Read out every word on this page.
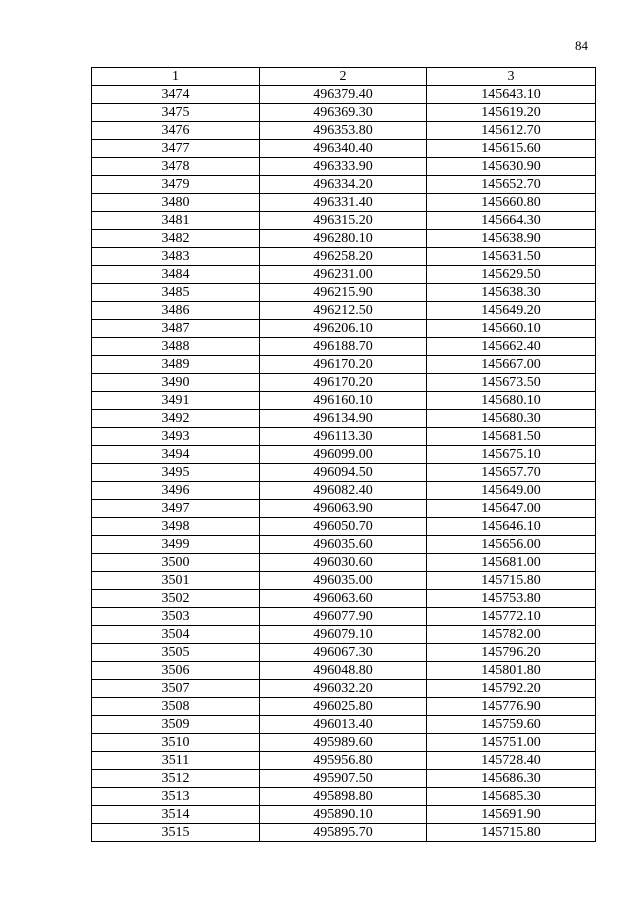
84
1	2	3
3474	496379.40	145643.10
3475	496369.30	145619.20
3476	496353.80	145612.70
3477	496340.40	145615.60
3478	496333.90	145630.90
3479	496334.20	145652.70
3480	496331.40	145660.80
3481	496315.20	145664.30
3482	496280.10	145638.90
3483	496258.20	145631.50
3484	496231.00	145629.50
3485	496215.90	145638.30
3486	496212.50	145649.20
3487	496206.10	145660.10
3488	496188.70	145662.40
3489	496170.20	145667.00
3490	496170.20	145673.50
3491	496160.10	145680.10
3492	496134.90	145680.30
3493	496113.30	145681.50
3494	496099.00	145675.10
3495	496094.50	145657.70
3496	496082.40	145649.00
3497	496063.90	145647.00
3498	496050.70	145646.10
3499	496035.60	145656.00
3500	496030.60	145681.00
3501	496035.00	145715.80
3502	496063.60	145753.80
3503	496077.90	145772.10
3504	496079.10	145782.00
3505	496067.30	145796.20
3506	496048.80	145801.80
3507	496032.20	145792.20
3508	496025.80	145776.90
3509	496013.40	145759.60
3510	495989.60	145751.00
3511	495956.80	145728.40
3512	495907.50	145686.30
3513	495898.80	145685.30
3514	495890.10	145691.90
3515	495895.70	145715.80
